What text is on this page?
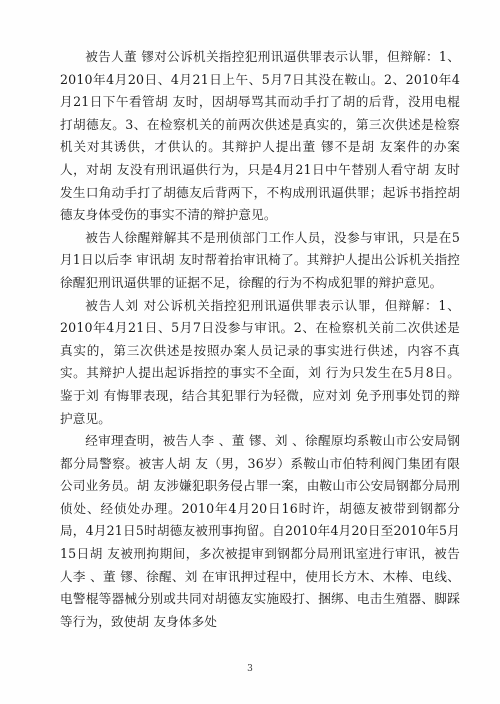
被告人董 镠对公诉机关指控犯刑讯逼供罪表示认罪，但辩解：1、2010年4月20日、4月21日上午、5月7日其没在鞍山。2、2010年4月21日下午看管胡 友时，因胡辱骂其而动手打了胡的后背，没用电棍打胡德友。3、在检察机关的前两次供述是真实的，第三次供述是检察机关对其诱供，才供认的。其辩护人提出董 镠不是胡 友案件的办案人，对胡 友没有刑讯逼供行为，只是4月21日中午替别人看守胡 友时发生口角动手打了胡德友后背两下，不构成刑讯逼供罪；起诉书指控胡德友身体受伤的事实不清的辩护意见。

被告人徐醒辩解其不是刑侦部门工作人员，没参与审讯，只是在5月1日以后李 审讯胡 友时帮着抬审讯椅了。其辩护人提出公诉机关指控徐醒犯刑讯逼供罪的证据不足，徐醒的行为不构成犯罪的辩护意见。

被告人刘 对公诉机关指控犯刑讯逼供罪表示认罪，但辩解：1、2010年4月21日、5月7日没参与审讯。2、在检察机关前二次供述是真实的，第三次供述是按照办案人员记录的事实进行供述，内容不真实。其辩护人提出起诉指控的事实不全面，刘 行为只发生在5月8日。鉴于刘 有悔罪表现，结合其犯罪行为轻微，应对刘 免予刑事处罚的辩护意见。

经审理查明，被告人李 、董 镠、刘 、徐醒原均系鞍山市公安局钢都分局警察。被害人胡 友（男，36岁）系鞍山市伯特利阀门集团有限公司业务员。胡 友涉嫌犯职务侵占罪一案，由鞍山市公安局钢都分局刑侦处、经侦处办理。2010年4月20日16时许，胡德友被带到钢都分局，4月21日5时胡德友被刑事拘留。自2010年4月20日至2010年5月15日胡 友被刑拘期间，多次被提审到钢都分局刑讯室进行审讯，被告人李 、董 镠、徐醒、刘 在审讯押过程中，使用长方木、木棒、电线、电警棍等器械分别或共同对胡德友实施殴打、捆绑、电击生殖器、脚踩等行为，致使胡 友身体多处

3
